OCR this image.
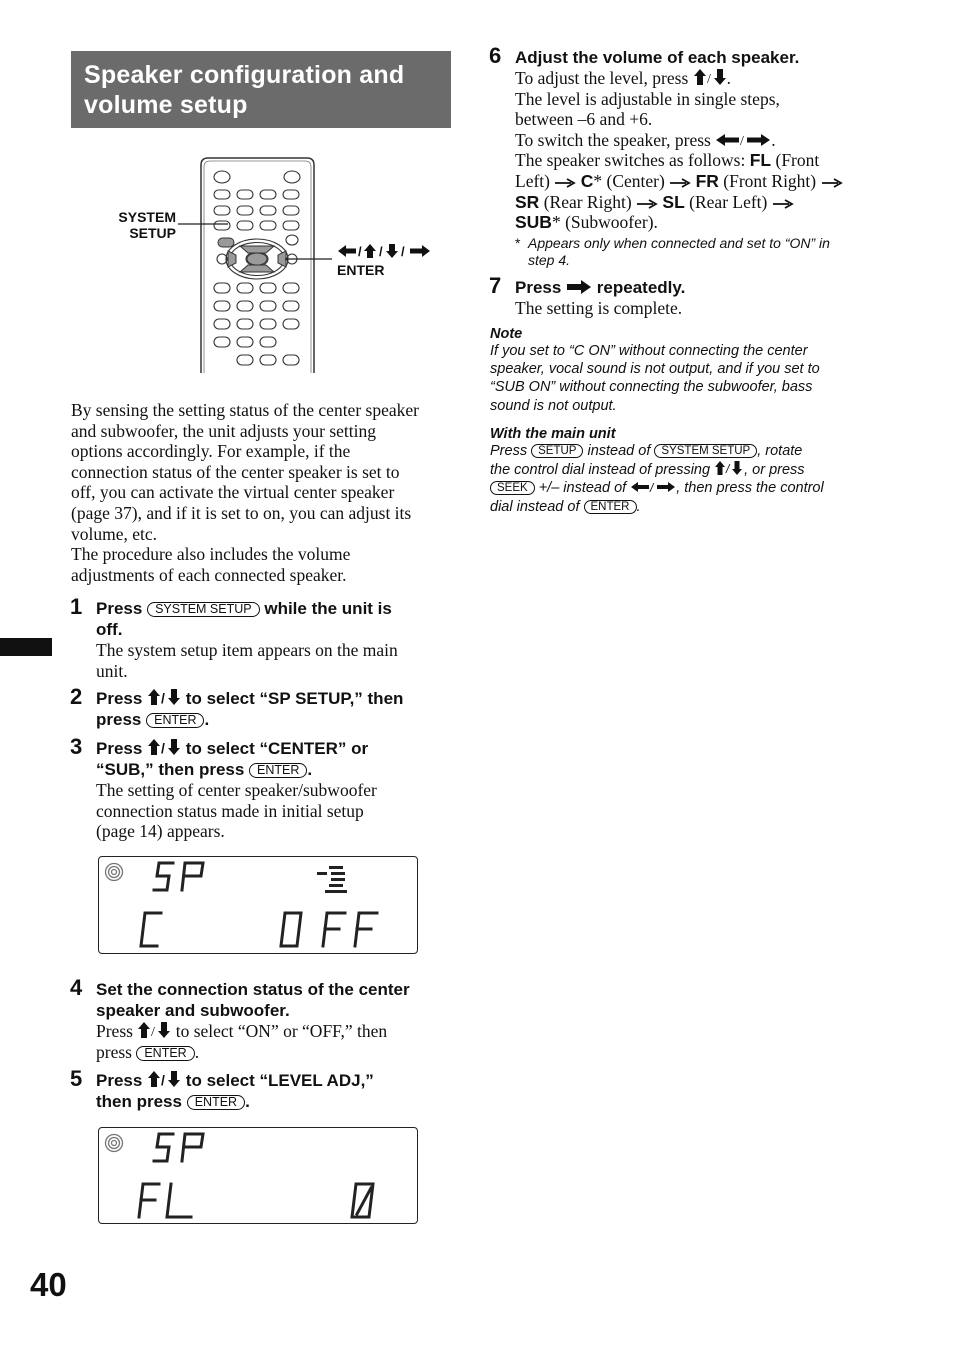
Speaker configuration and
volume setup
SYSTEM
SETUP
/ / /
ENTER
By sensing the setting status of the center speaker
and subwoofer, the unit adjusts your setting
options accordingly. For example, if the
connection status of the center speaker is set to
off, you can activate the virtual center speaker
(page 37), and if it is set to on, you can adjust its
volume, etc.
The procedure also includes the volume
adjustments of each connected speaker.
1 Press SYSTEM SETUP while the unit is
off.
The system setup item appears on the main
unit.
2 Press / to select “SP SETUP,” then
press ENTER .
3 Press / to select “CENTER” or
“SUB,” then press ENTER .
The setting of center speaker/subwoofer
connection status made in initial setup
(page 14) appears.
4 Set the connection status of the center
speaker and subwoofer.
Press / to select “ON” or “OFF,” then
press ENTER .
5 Press / to select “LEVEL ADJ,”
then press ENTER .
6 Adjust the volume of each speaker.
To adjust the level, press / .
The level is adjustable in single steps,
between –6 and +6.
To switch the speaker, press / .
The speaker switches as follows: FL (Front
Left) C* (Center) FR (Front Right)
SR (Rear Right) SL (Rear Left)
SUB* (Subwoofer).
* Appears only when connected and set to “ON” in
step 4.
7 Press repeatedly.
The setting is complete.
Note
If you set to “C ON” without connecting the center
speaker, vocal sound is not output, and if you set to
“SUB ON” without connecting the subwoofer, bass
sound is not output.
With the main unit
Press SETUP instead of SYSTEM SETUP , rotate
the control dial instead of pressing / , or press
SEEK +/– instead of / , then press the control
dial instead of ENTER .
40
